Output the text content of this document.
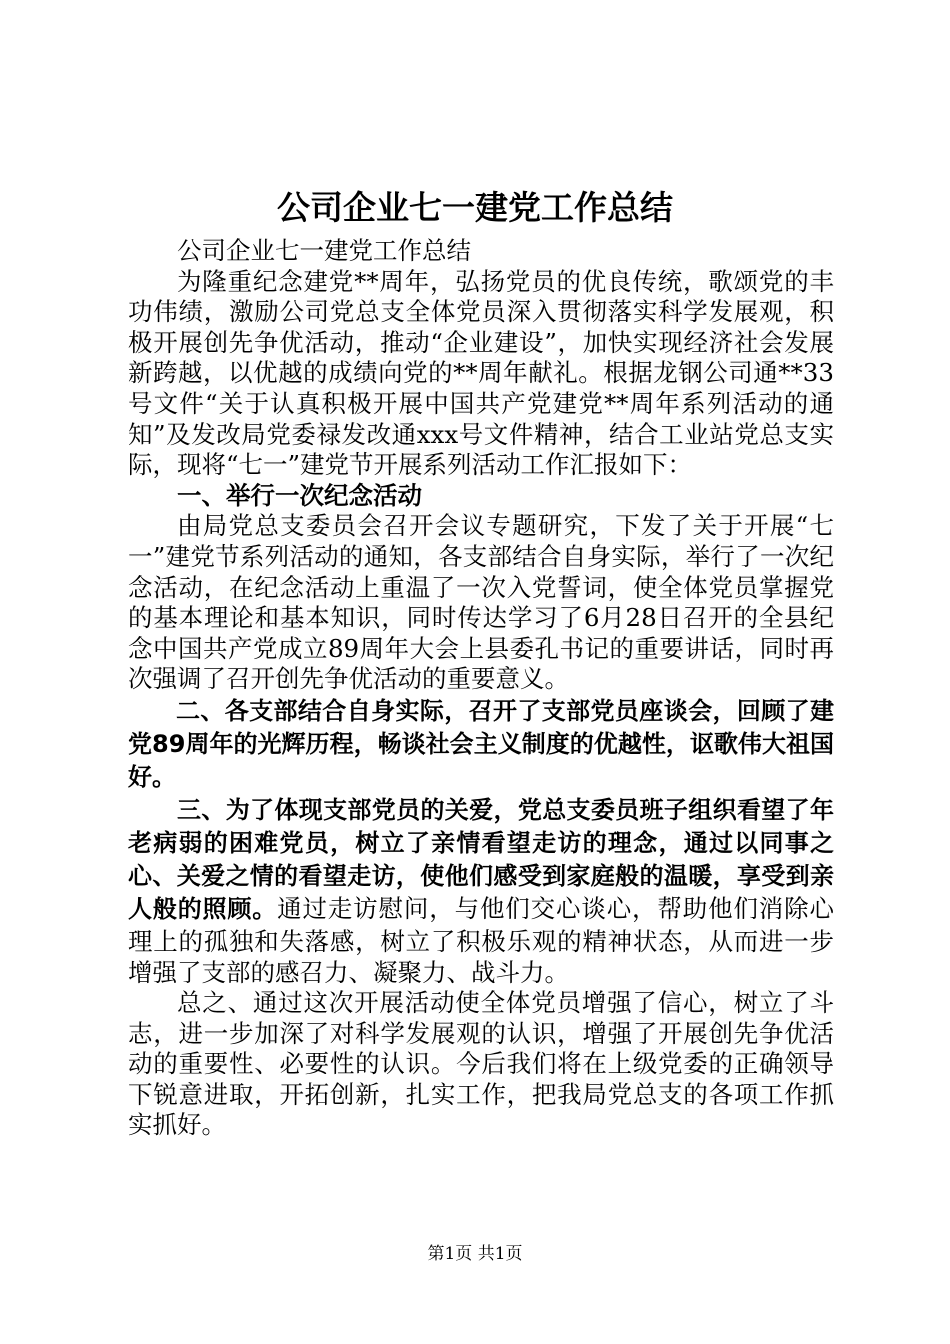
公司企业七一建党工作总结

公司企业七一建党工作总结

为隆重纪念建党**周年，弘扬党员的优良传统，歌颂党的丰功伟绩，激励公司党总支全体党员深入贯彻落实科学发展观，积极开展创先争优活动，推动“企业建设”，加快实现经济社会发展新跨越，以优越的成绩向党的**周年献礼。根据龙钢公司通**33号文件“关于认真积极开展中国共产党建党**周年系列活动的通知”及发改局党委禄发改通xxx号文件精神，结合工业站党总支实际，现将“七一”建党节开展系列活动工作汇报如下：

一、举行一次纪念活动

由局党总支委员会召开会议专题研究，下发了关于开展“七一”建党节系列活动的通知，各支部结合自身实际，举行了一次纪念活动，在纪念活动上重温了一次入党誓词，使全体党员掌握党的基本理论和基本知识，同时传达学习了6月28日召开的全县纪念中国共产党成立89周年大会上县委孔书记的重要讲话，同时再次强调了召开创先争优活动的重要意义。

二、各支部结合自身实际，召开了支部党员座谈会，回顾了建党89周年的光辉历程，畅谈社会主义制度的优越性，讴歌伟大祖国好。

三、为了体现支部党员的关爱，党总支委员班子组织看望了年老病弱的困难党员，树立了亲情看望走访的理念，通过以同事之心、关爱之情的看望走访，使他们感受到家庭般的温暖，享受到亲人般的照顾。通过走访慰问，与他们交心谈心，帮助他们消除心理上的孤独和失落感，树立了积极乐观的精神状态，从而进一步增强了支部的感召力、凝聚力、战斗力。

总之、通过这次开展活动使全体党员增强了信心，树立了斗志，进一步加深了对科学发展观的认识，增强了开展创先争优活动的重要性、必要性的认识。今后我们将在上级党委的正确领导下锐意进取，开拓创新，扎实工作，把我局党总支的各项工作抓实抓好。

第1页 共1页
